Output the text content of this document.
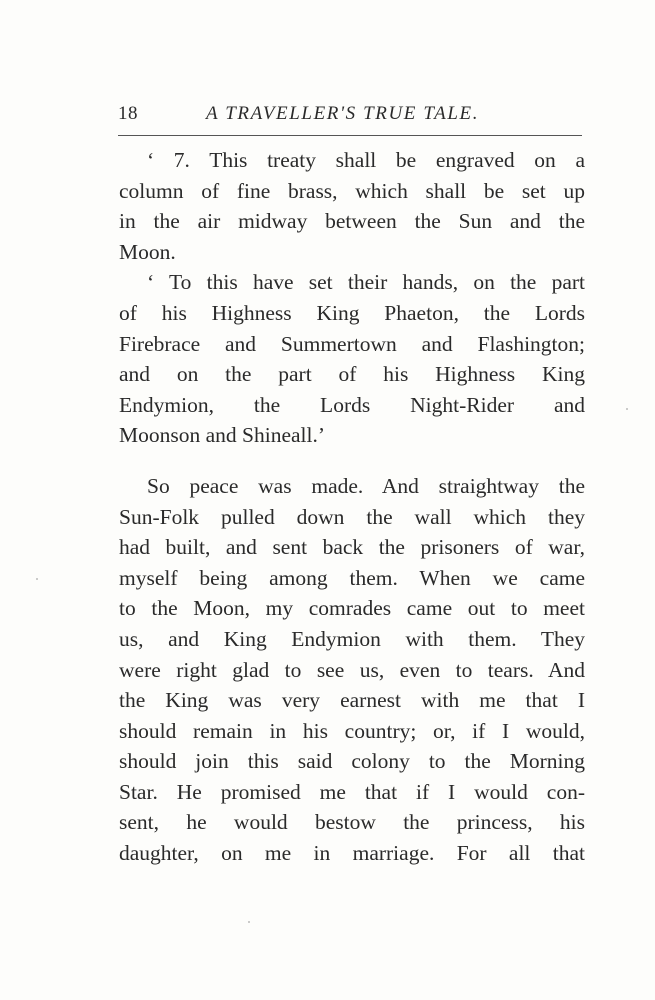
18	A TRAVELLER'S TRUE TALE.

‘ 7. This treaty shall be engraved on a
column of fine brass, which shall be set up
in the air midway between the Sun and the
Moon.

‘ To this have set their hands, on the part
of his Highness King Phaeton, the Lords
Firebrace and Summertown and Flashington;
and on the part of his Highness King
Endymion, the Lords Night-Rider and
Moonson and Shineall.’

So peace was made. And straightway the
Sun-Folk pulled down the wall which they
had built, and sent back the prisoners of war,
myself being among them. When we came
to the Moon, my comrades came out to meet
us, and King Endymion with them. They
were right glad to see us, even to tears. And
the King was very earnest with me that I
should remain in his country; or, if I would,
should join this said colony to the Morning
Star. He promised me that if I would con-
sent, he would bestow the princess, his
daughter, on me in marriage. For all that
